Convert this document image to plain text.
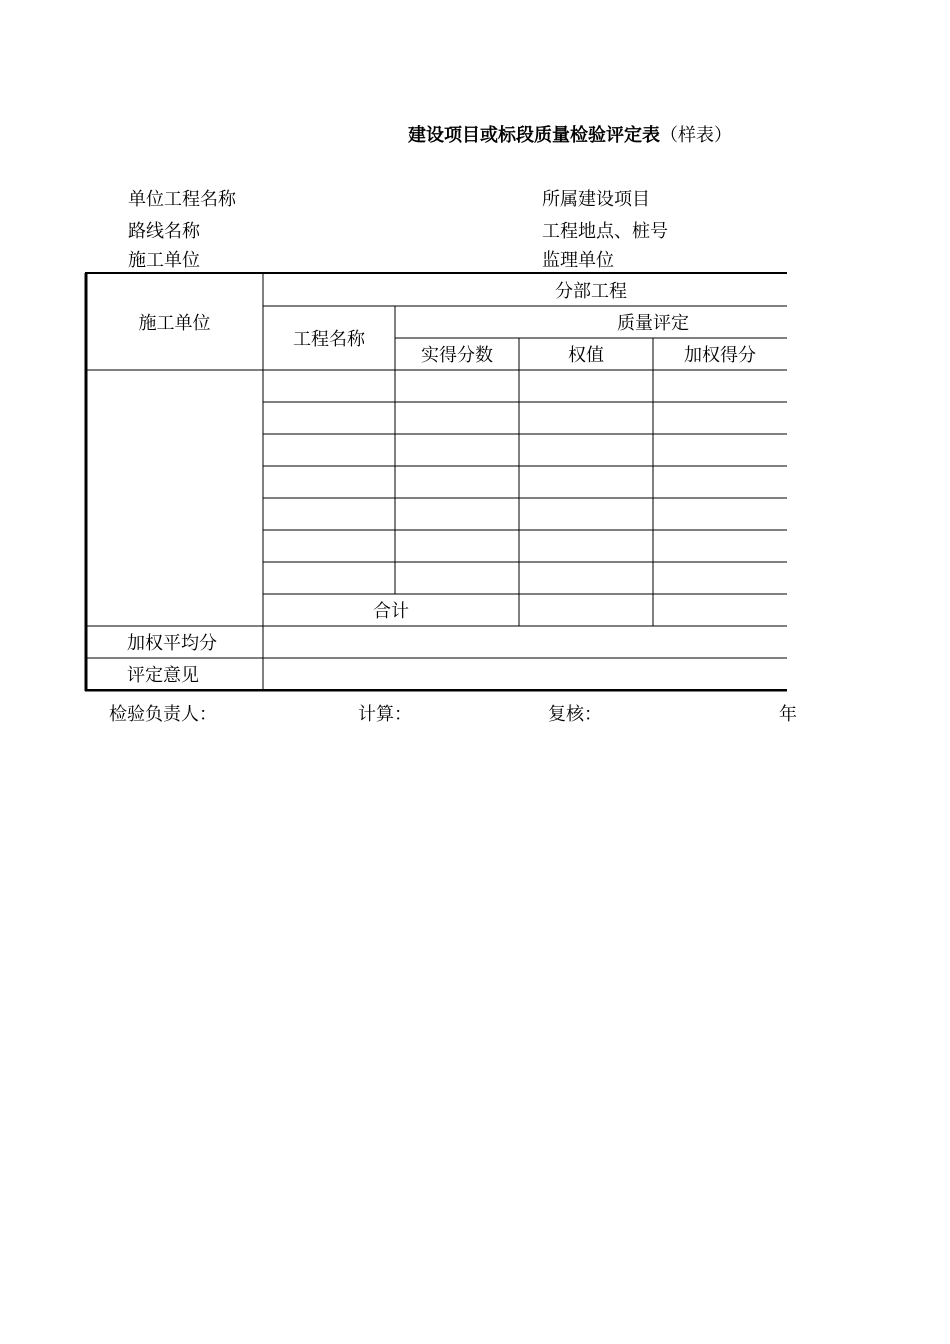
建设项目或标段质量检验评定表（样表）
单位工程名称	所属建设项目
路线名称	工程地点、桩号
施工单位	监理单位
施工单位
分部工程
工程名称
质量评定
实得分数	权值	加权得分
合计
加权平均分
评定意见
检验负责人：	计算：	复核：	年
